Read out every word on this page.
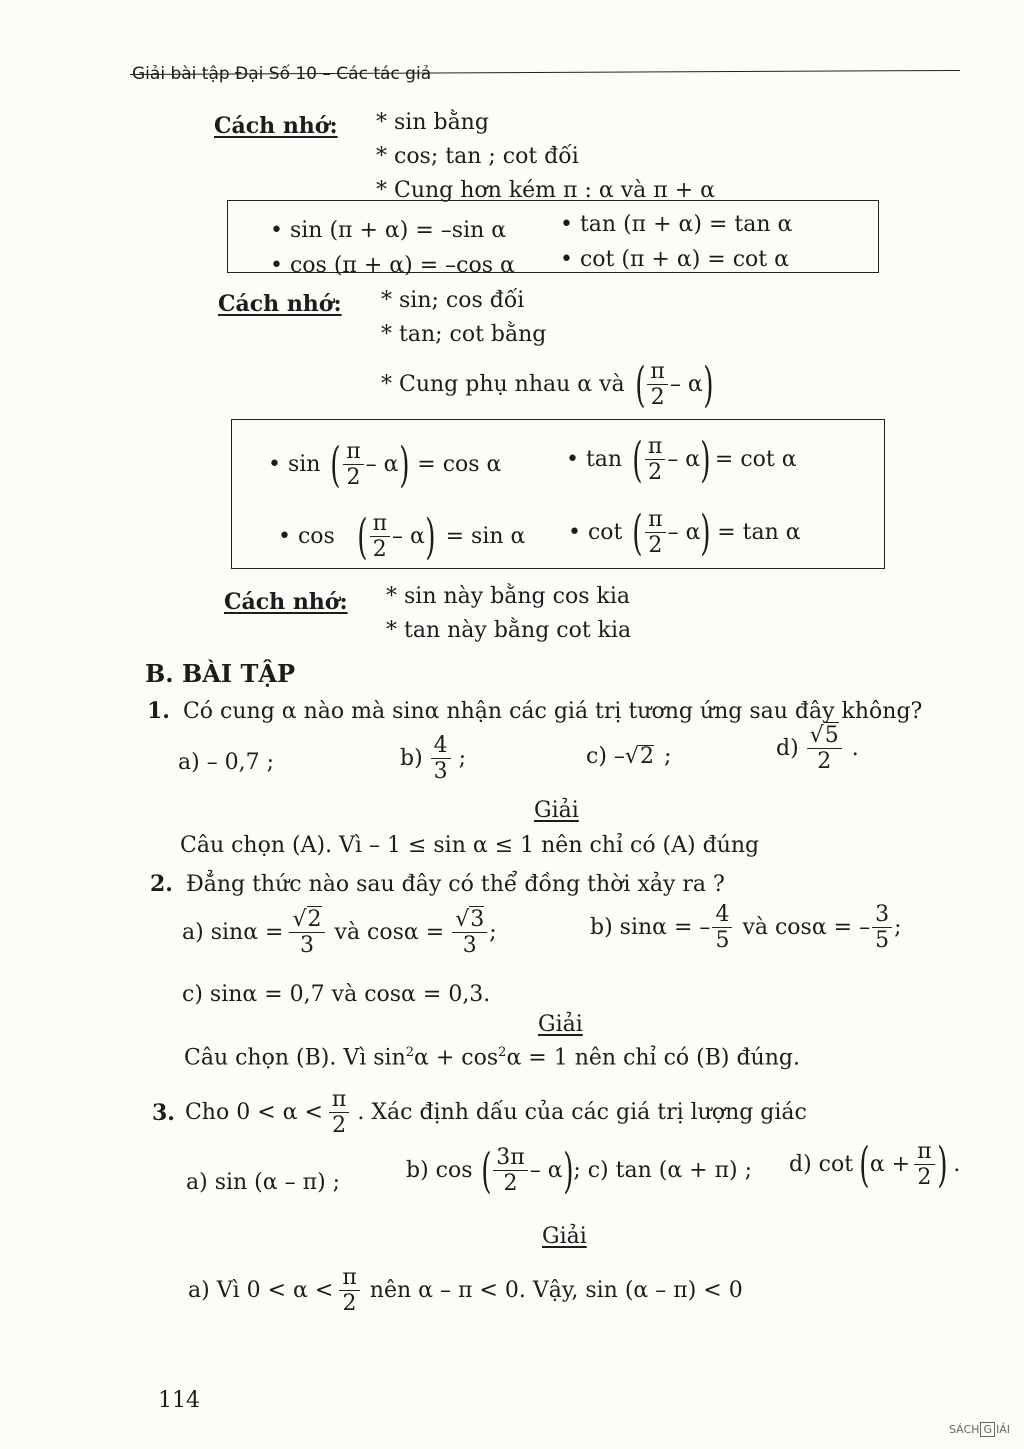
Giải bài tập Đại Số 10 – Các tác giả
Cách nhớ: * sin bằng
* cos; tan ; cot đối
* Cung hơn kém π : α và π + α
• sin (π + α) = –sin α • tan (π + α) = tan α
• cos (π + α) = –cos α • cot (π + α) = cot α
Cách nhớ: * sin; cos đối
* tan; cot bằng
* Cung phụ nhau α và ( $\frac{\pi}{2}$ – α )
• sin ( $\frac{\pi}{2}$ – α ) = cos α	• tan ( $\frac{\pi}{2}$ – α ) = cot α
• cos ( $\frac{\pi}{2}$ – α ) = sin α • cot ( $\frac{\pi}{2}$ – α ) = tan α
Cách nhớ: * sin này bằng cos kia
* tan này bằng cot kia
B. BÀI TẬP
1. Có cung α nào mà sinα nhận các giá trị tương ứng sau đây không?
a) – 0,7 ;	$b) \frac{4}{3}$ ;	c) – √ 2 ;	$d) \frac{√5}{2}$ .
Giải
Câu chọn (A). Vì – 1 ≤ sin α ≤ 1 nên chỉ có (A) đúng
2. Đẳng thức nào sau đây có thể đồng thời xảy ra ?
a) $\sin\alpha = \frac{√2}{3}$ và $\cos\alpha = \frac{√3}{3}$ ;	b) sinα = – $\frac{4}{5}$ và cosα = – $\frac{3}{5}$ ;
c) sinα = 0,7 và cosα = 0,3.
Giải
Câu chọn (B). Vì $\sin^2\alpha + \cos^2\alpha = 1$ nên chỉ có (B) đúng.
3. Cho $0 < \alpha < \frac{\pi}{2}$ . Xác định dấu của các giá trị lượng giác
a) sin (α – π) ;	b) cos ( $\frac{3\pi}{2}$ – α ) ; c) tan (α + π) ; d) cot ( $\alpha + \frac{\pi}{2}$ ) .
Giải
a) Vì $0 < \alpha < \frac{\pi}{2}$ nên α – π < 0. Vậy, sin (α – π) < 0
114
SÁCH G IẢI
